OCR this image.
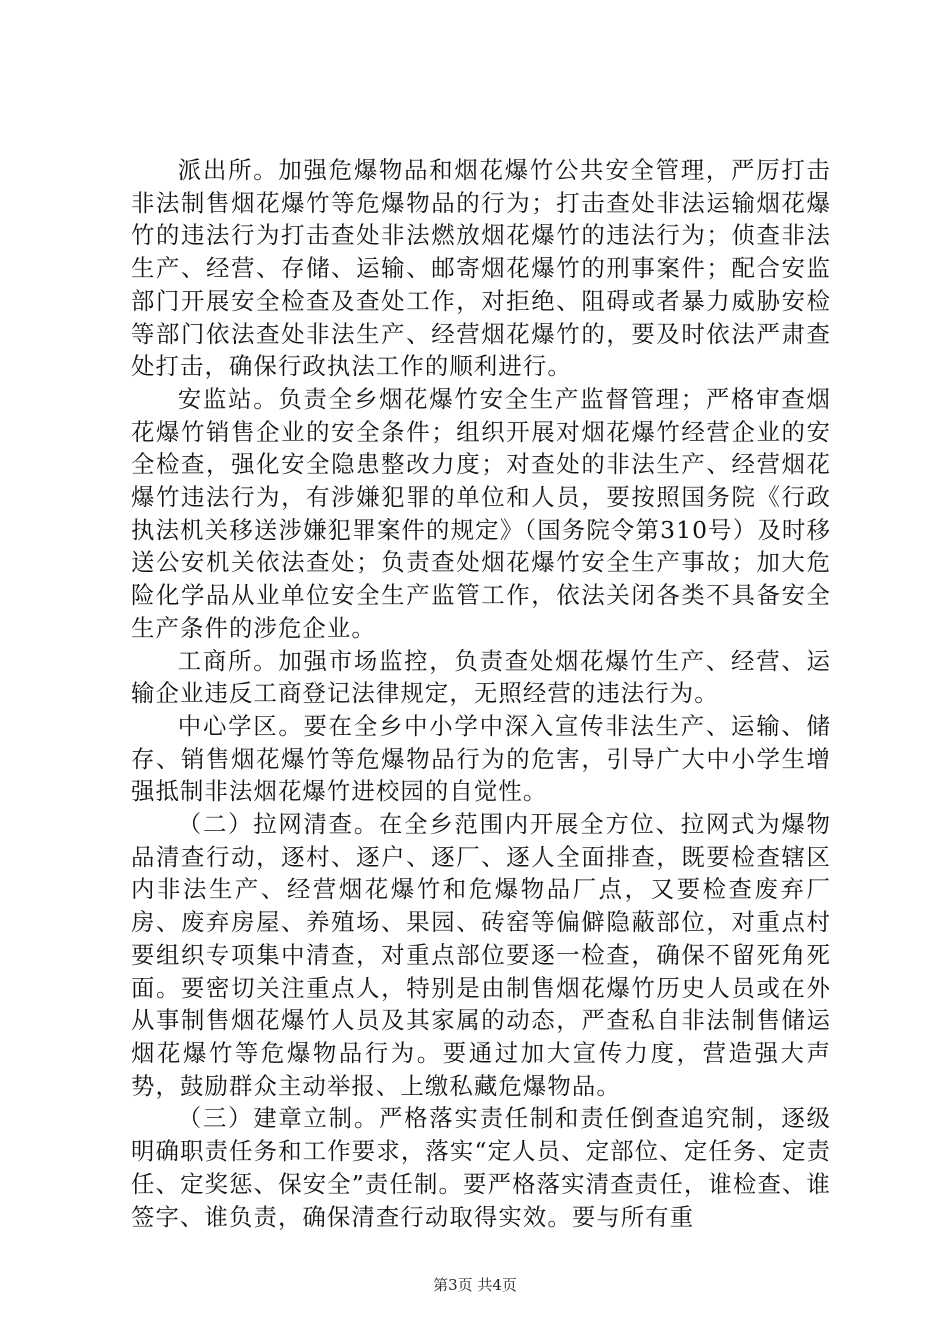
派出所。加强危爆物品和烟花爆竹公共安全管理，严厉打击非法制售烟花爆竹等危爆物品的行为；打击查处非法运输烟花爆竹的违法行为打击查处非法燃放烟花爆竹的违法行为；侦查非法生产、经营、存储、运输、邮寄烟花爆竹的刑事案件；配合安监部门开展安全检查及查处工作，对拒绝、阻碍或者暴力威胁安检等部门依法查处非法生产、经营烟花爆竹的，要及时依法严肃查处打击，确保行政执法工作的顺利进行。

安监站。负责全乡烟花爆竹安全生产监督管理；严格审查烟花爆竹销售企业的安全条件；组织开展对烟花爆竹经营企业的安全检查，强化安全隐患整改力度；对查处的非法生产、经营烟花爆竹违法行为，有涉嫌犯罪的单位和人员，要按照国务院《行政执法机关移送涉嫌犯罪案件的规定》（国务院令第310号）及时移送公安机关依法查处；负责查处烟花爆竹安全生产事故；加大危险化学品从业单位安全生产监管工作，依法关闭各类不具备安全生产条件的涉危企业。

工商所。加强市场监控，负责查处烟花爆竹生产、经营、运输企业违反工商登记法律规定，无照经营的违法行为。

中心学区。要在全乡中小学中深入宣传非法生产、运输、储存、销售烟花爆竹等危爆物品行为的危害，引导广大中小学生增强抵制非法烟花爆竹进校园的自觉性。

（二）拉网清查。在全乡范围内开展全方位、拉网式为爆物品清查行动，逐村、逐户、逐厂、逐人全面排查，既要检查辖区内非法生产、经营烟花爆竹和危爆物品厂点，又要检查废弃厂房、废弃房屋、养殖场、果园、砖窑等偏僻隐蔽部位，对重点村要组织专项集中清查，对重点部位要逐一检查，确保不留死角死面。要密切关注重点人，特别是由制售烟花爆竹历史人员或在外从事制售烟花爆竹人员及其家属的动态，严查私自非法制售储运烟花爆竹等危爆物品行为。要通过加大宣传力度，营造强大声势，鼓励群众主动举报、上缴私藏危爆物品。

（三）建章立制。严格落实责任制和责任倒查追究制，逐级明确职责任务和工作要求，落实“定人员、定部位、定任务、定责任、定奖惩、保安全”责任制。要严格落实清查责任，谁检查、谁签字、谁负责，确保清查行动取得实效。要与所有重

第3页 共4页
